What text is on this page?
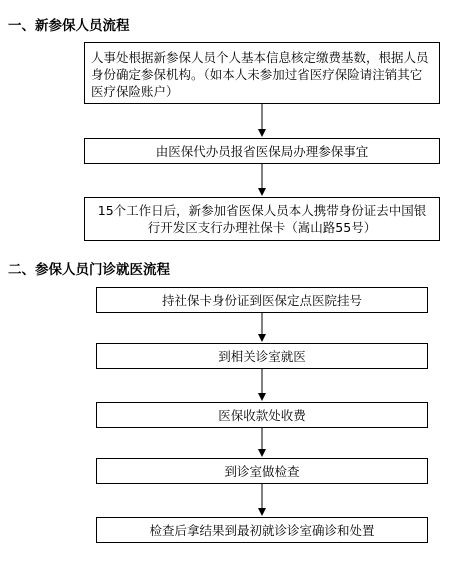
一、新参保人员流程
人事处根据新参保人员个人基本信息核定缴费基数，根据人员身份确定参保机构。（如本人未参加过省医疗保险请注销其它医疗保险账户）
由医保代办员报省医保局办理参保事宜
15个工作日后，新参加省医保人员本人携带身份证去中国银行开发区支行办理社保卡（嵩山路55号）
二、参保人员门诊就医流程
持社保卡身份证到医保定点医院挂号
到相关诊室就医
医保收款处收费
到诊室做检查
检查后拿结果到最初就诊诊室确诊和处置
